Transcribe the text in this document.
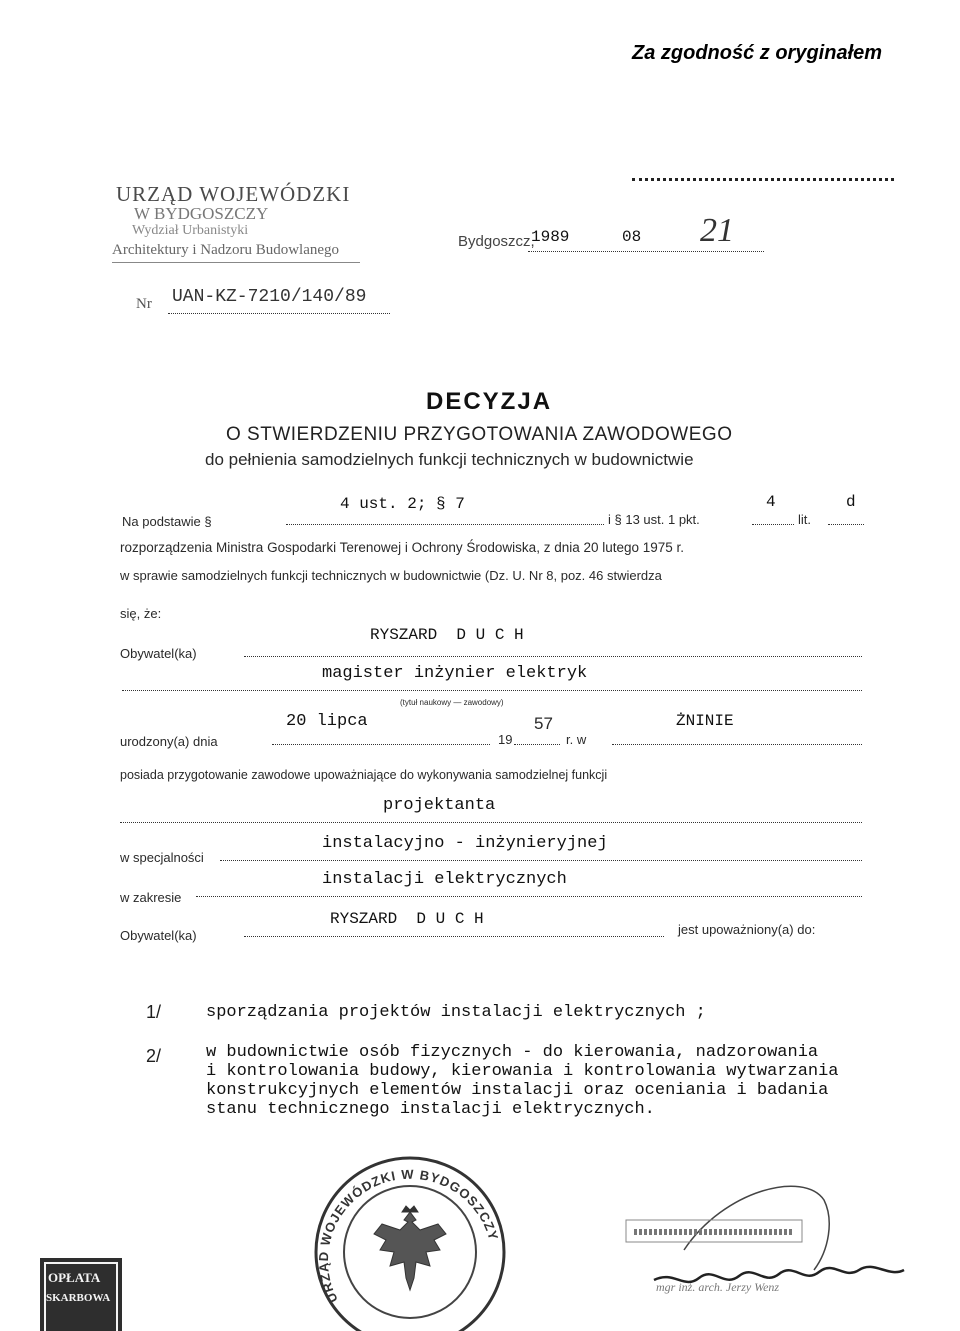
Za zgodność z oryginałem
URZĄD WOJEWÓDZKI
W BYDGOSZCZY
Wydział Urbanistyki
Architektury i Nadzoru Budowlanego	Bydgoszcz,
1989	08 21
Nr UAN-KZ-7210/140/89
DECYZJA
O STWIERDZENIU PRZYGOTOWANIA ZAWODOWEGO
do pełnienia samodzielnych funkcji technicznych w budownictwie
Na podstawie §
4 ust. 2; § 7
i § 13 ust. 1 pkt.
4
lit.
d
rozporządzenia Ministra Gospodarki Terenowej i Ochrony Środowiska, z dnia 20 lutego 1975 r.
w sprawie samodzielnych funkcji technicznych w budownictwie (Dz. U. Nr 8, poz. 46 stwierdza
się, że:
Obywatel(ka)
RYSZARD  D U C H
magister inżynier elektryk
(tytuł naukowy — zawodowy)
urodzony(a) dnia
20 lipca
19
57
r. w
ŻNINIE
posiada przygotowanie zawodowe upoważniające do wykonywania samodzielnej funkcji
projektanta
w specjalności
instalacyjno - inżynieryjnej
w zakresie
instalacji elektrycznych
Obywatel(ka)
RYSZARD  D U C H
jest upoważniony(a) do:
1/	sporządzania projektów instalacji elektrycznych ;
2/	w budownictwie osób fizycznych - do kierowania, nadzorowania
i kontrolowania budowy, kierowania i kontrolowania wytwarzania
konstrukcyjnych elementów instalacji oraz oceniania i badania
stanu technicznego instalacji elektrycznych.
OPŁATA
SKARBOWA	URZĄD WOJEWÓDZKI W BYDGOSZCZY
mgr inż. arch. Jerzy Wenz
